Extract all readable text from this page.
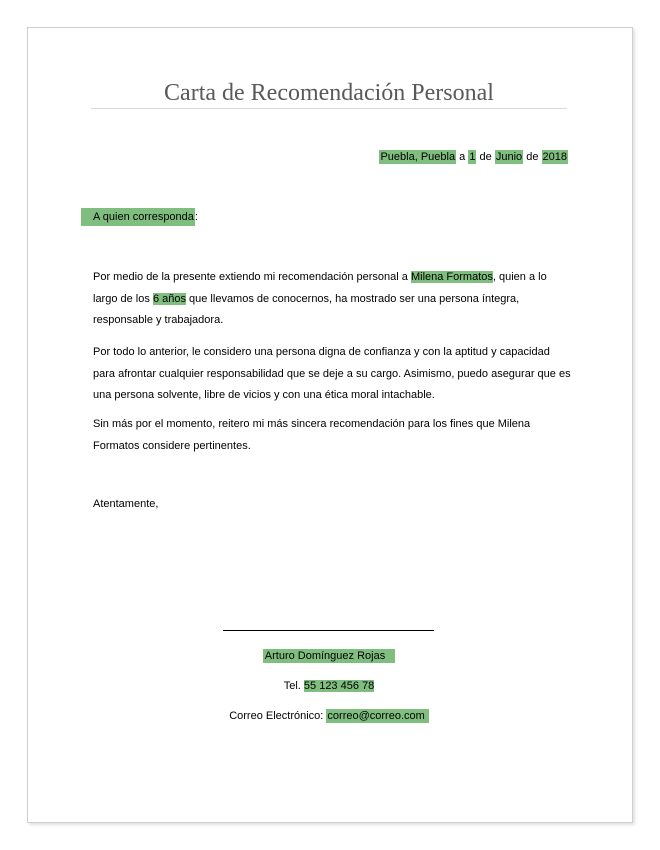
Carta de Recomendación Personal
Puebla, Puebla a 1 de Junio de 2018
A quien corresponda:
Por medio de la presente extiendo mi recomendación personal a Milena Formatos, quien a lo largo de los 6 años que llevamos de conocernos, ha mostrado ser una persona íntegra, responsable y trabajadora.
Por todo lo anterior, le considero una persona digna de confianza y con la aptitud y capacidad para afrontar cualquier responsabilidad que se deje a su cargo. Asimismo, puedo asegurar que es una persona solvente, libre de vicios y con una ética moral intachable.
Sin más por el momento, reitero mi más sincera recomendación para los fines que Milena Formatos considere pertinentes.
Atentamente,
Arturo Domínguez Rojas
Tel. 55 123 456 78
Correo Electrónico: correo@correo.com
